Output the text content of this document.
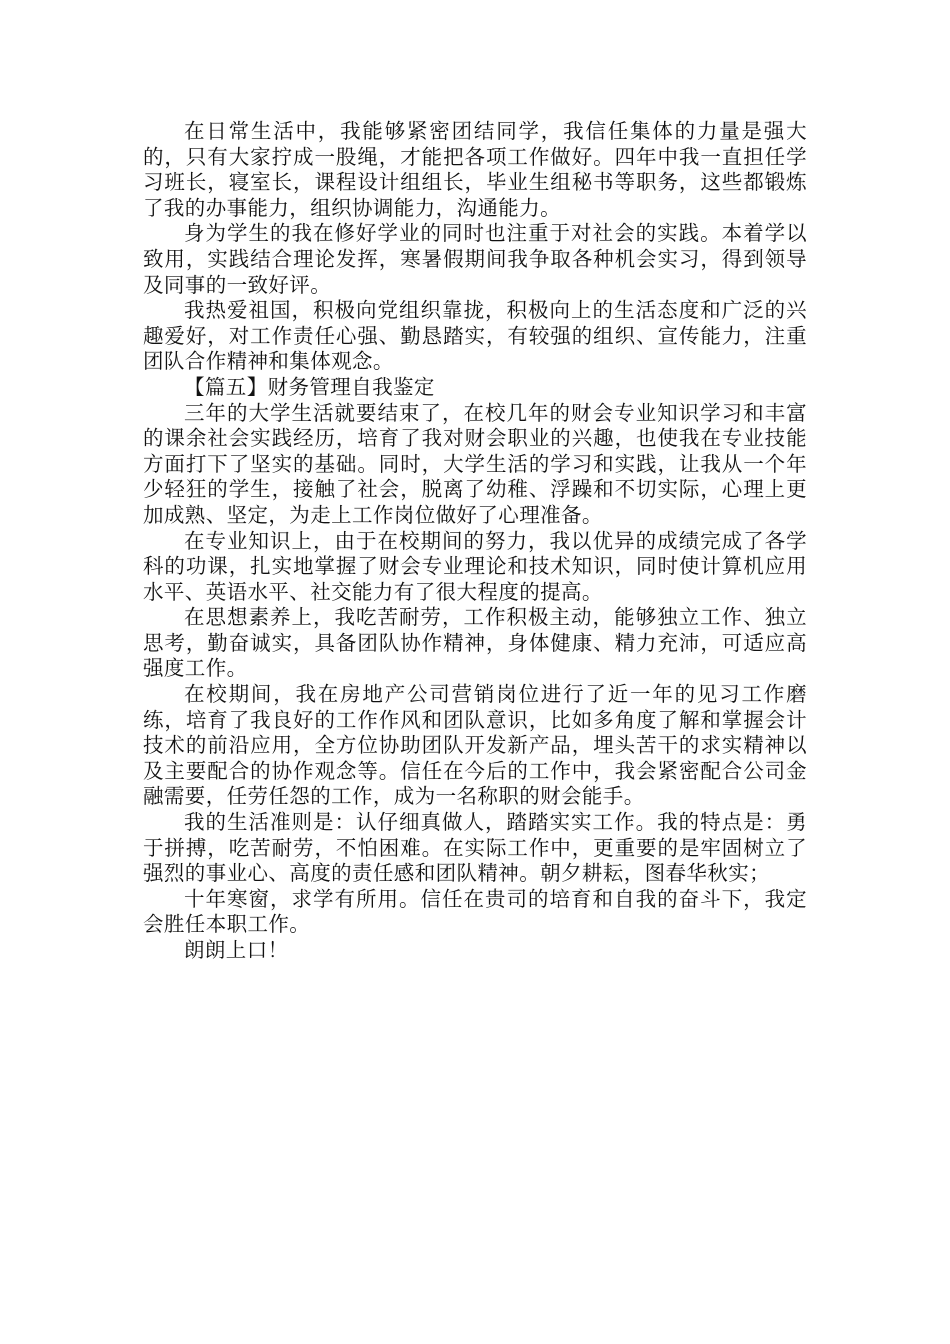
在日常生活中，我能够紧密团结同学，我信任集体的力量是强大的，只有大家拧成一股绳，才能把各项工作做好。四年中我一直担任学习班长，寝室长，课程设计组组长，毕业生组秘书等职务，这些都锻炼了我的办事能力，组织协调能力，沟通能力。

身为学生的我在修好学业的同时也注重于对社会的实践。本着学以致用，实践结合理论发挥，寒暑假期间我争取各种机会实习，得到领导及同事的一致好评。

我热爱祖国，积极向党组织靠拢，积极向上的生活态度和广泛的兴趣爱好，对工作责任心强、勤恳踏实，有较强的组织、宣传能力，注重团队合作精神和集体观念。

【篇五】财务管理自我鉴定

三年的大学生活就要结束了，在校几年的财会专业知识学习和丰富的课余社会实践经历，培育了我对财会职业的兴趣，也使我在专业技能方面打下了坚实的基础。同时，大学生活的学习和实践，让我从一个年少轻狂的学生，接触了社会，脱离了幼稚、浮躁和不切实际，心理上更加成熟、坚定，为走上工作岗位做好了心理准备。

在专业知识上，由于在校期间的努力，我以优异的成绩完成了各学科的功课，扎实地掌握了财会专业理论和技术知识，同时使计算机应用水平、英语水平、社交能力有了很大程度的提高。

在思想素养上，我吃苦耐劳，工作积极主动，能够独立工作、独立思考，勤奋诚实，具备团队协作精神，身体健康、精力充沛，可适应高强度工作。

在校期间，我在房地产公司营销岗位进行了近一年的见习工作磨练，培育了我良好的工作作风和团队意识，比如多角度了解和掌握会计技术的前沿应用，全方位协助团队开发新产品，埋头苦干的求实精神以及主要配合的协作观念等。信任在今后的工作中，我会紧密配合公司金融需要，任劳任怨的工作，成为一名称职的财会能手。

我的生活准则是：认仔细真做人，踏踏实实工作。我的特点是：勇于拼搏，吃苦耐劳，不怕困难。在实际工作中，更重要的是牢固树立了强烈的事业心、高度的责任感和团队精神。朝夕耕耘，图春华秋实；

十年寒窗，求学有所用。信任在贵司的培育和自我的奋斗下，我定会胜任本职工作。

朗朗上口！
